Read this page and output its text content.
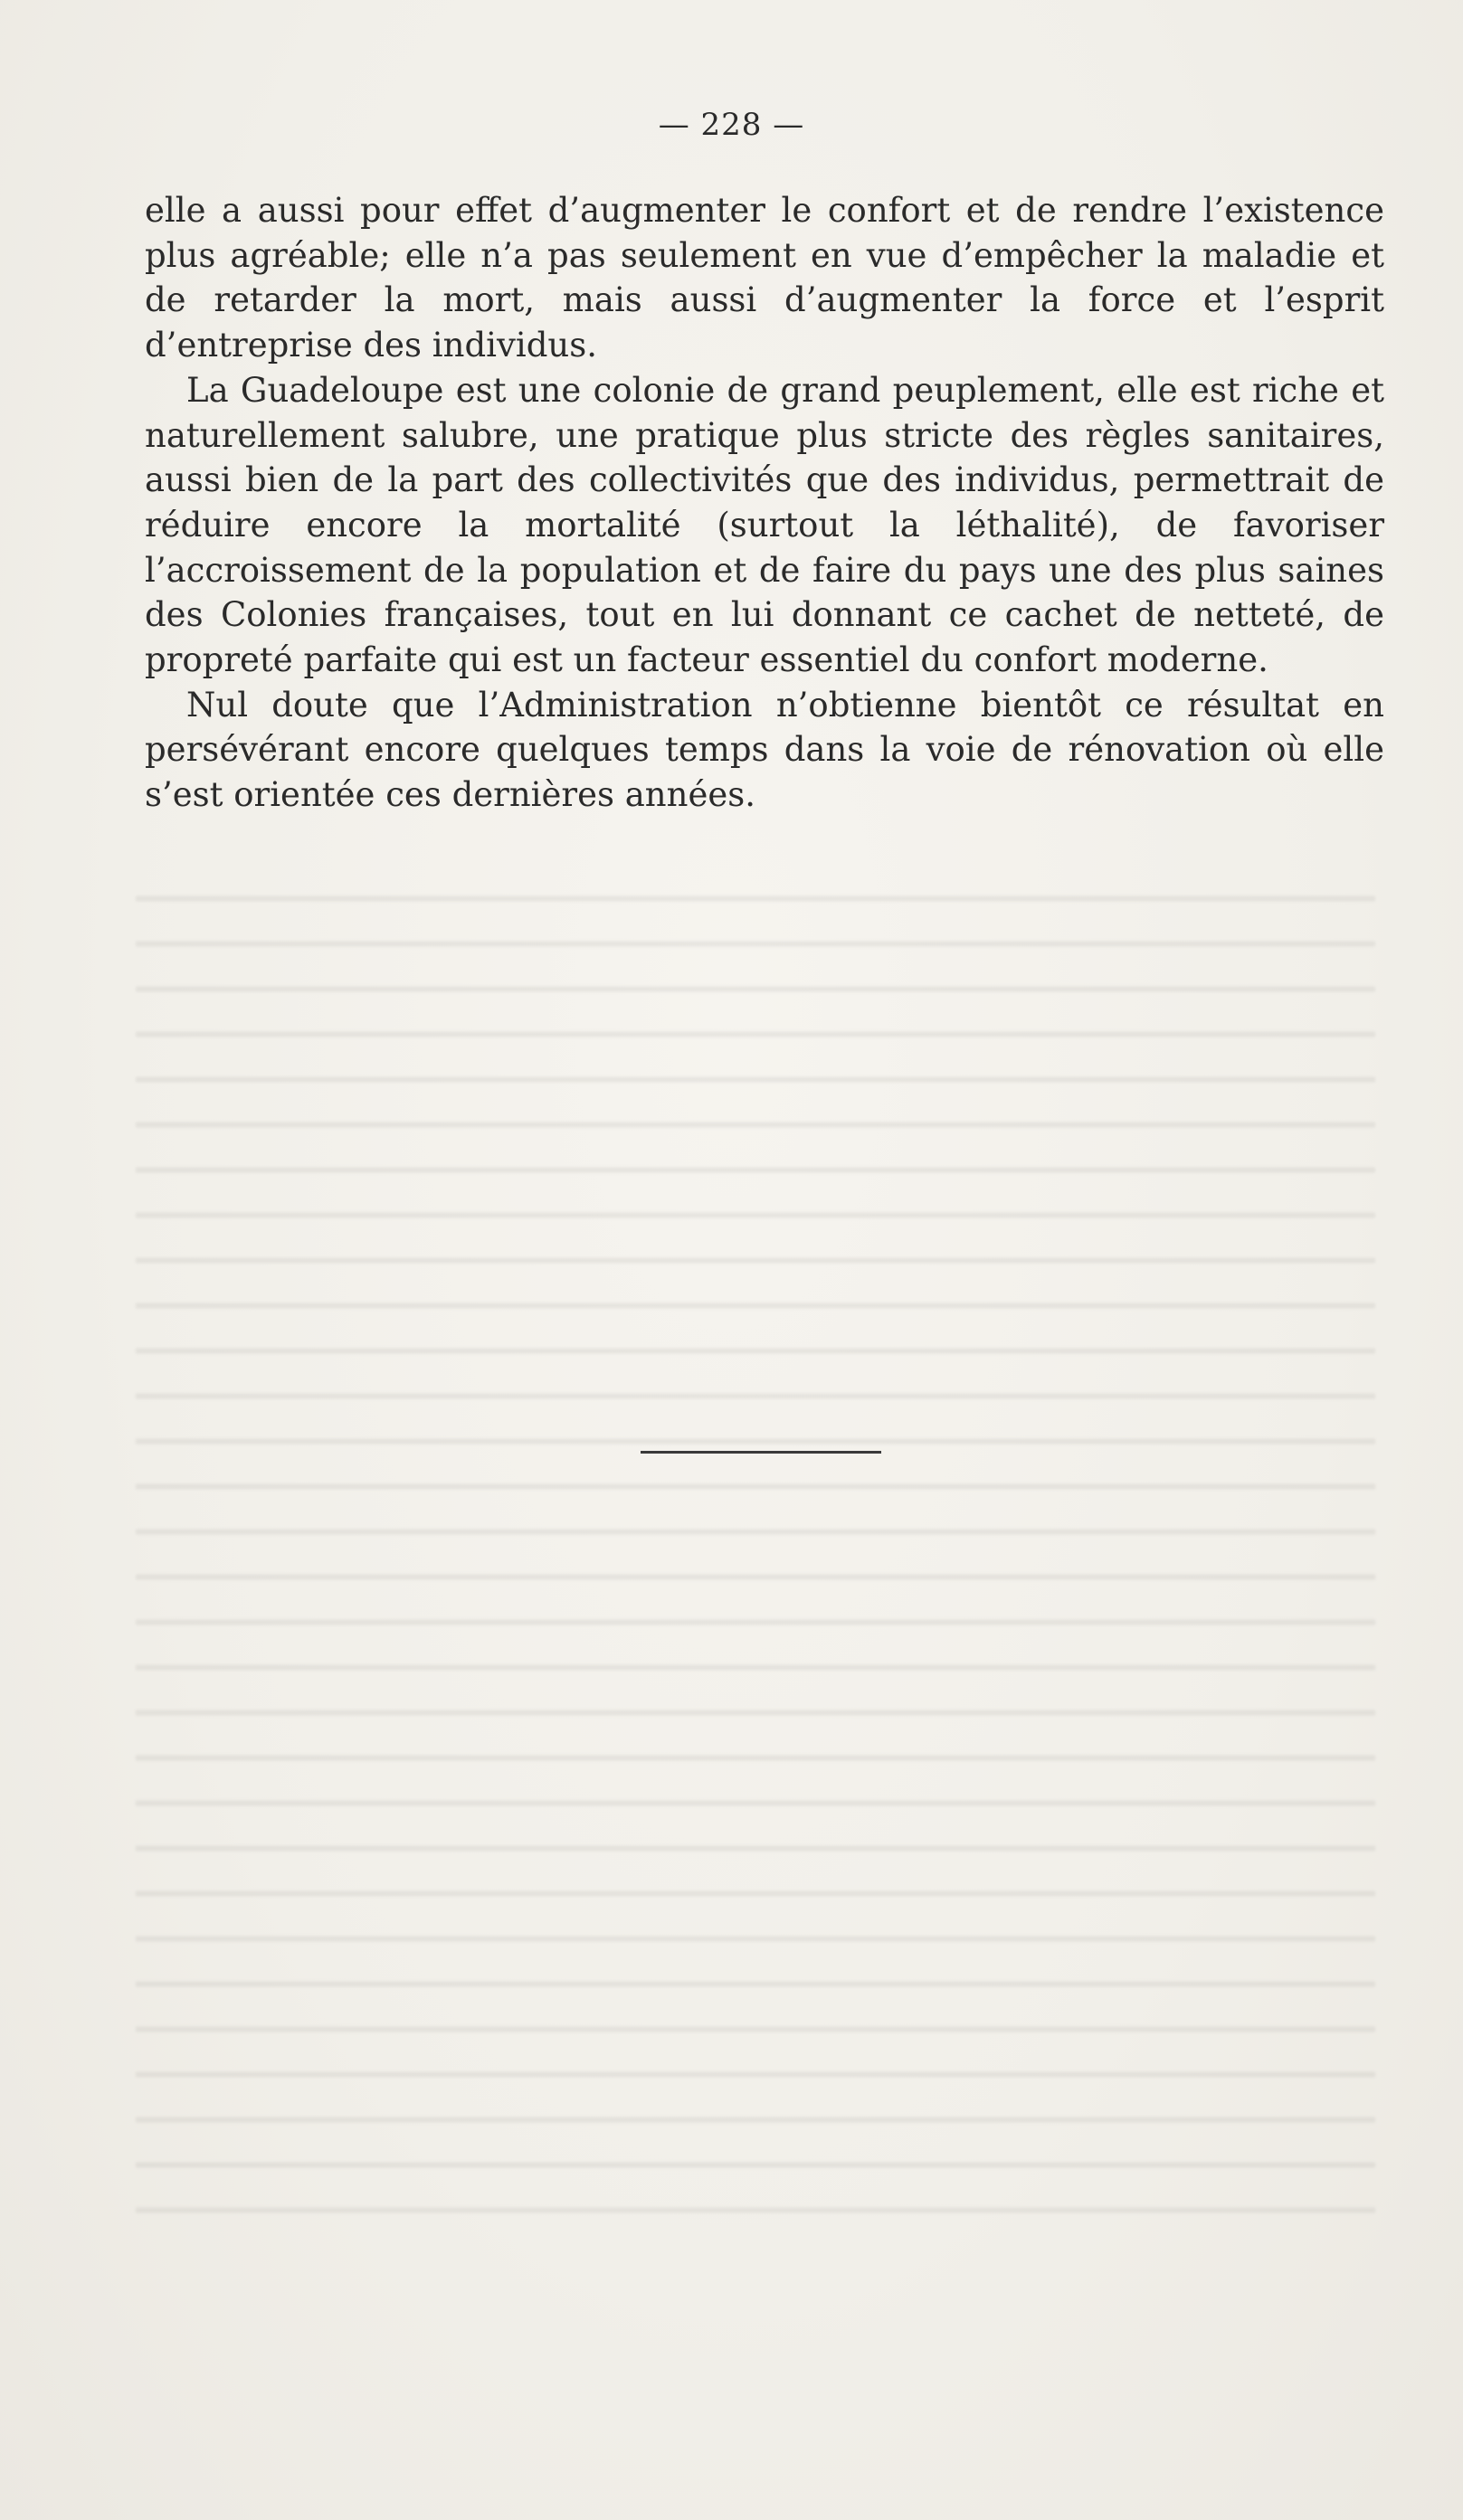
— 228 —

elle a aussi pour effet d’augmenter le confort et de rendre l’existence plus agréable; elle n’a pas seulement en vue d’empêcher la maladie et de retarder la mort, mais aussi d’augmenter la force et l’esprit d’entreprise des individus.

La Guadeloupe est une colonie de grand peuplement, elle est riche et naturellement salubre, une pratique plus stricte des règles sanitaires, aussi bien de la part des collectivités que des individus, permettrait de réduire encore la mortalité (surtout la léthalité), de favoriser l’accroissement de la population et de faire du pays une des plus saines des Colonies françaises, tout en lui donnant ce cachet de netteté, de propreté parfaite qui est un facteur essentiel du confort moderne.

Nul doute que l’Administration n’obtienne bientôt ce résultat en persévérant encore quelques temps dans la voie de rénovation où elle s’est orientée ces dernières années.
